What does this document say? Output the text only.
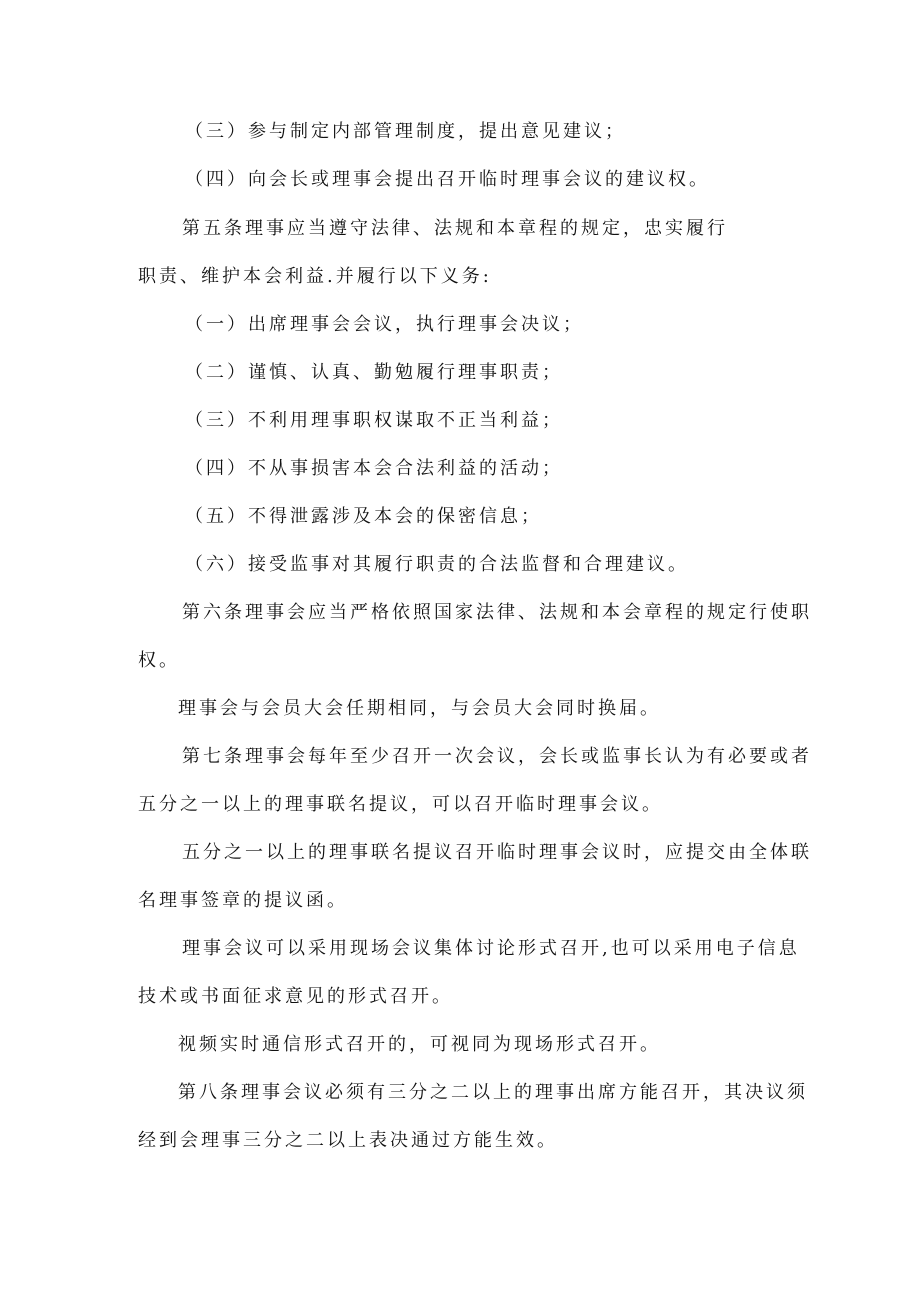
（三）参与制定内部管理制度，提出意见建议；
（四）向会长或理事会提出召开临时理事会议的建议权。
第五条理事应当遵守法律、法规和本章程的规定，忠实履行
职责、维护本会利益.并履行以下义务:
（一）出席理事会会议，执行理事会决议；
（二）谨慎、认真、勤勉履行理事职责；
（三）不利用理事职权谋取不正当利益；
（四）不从事损害本会合法利益的活动；
（五）不得泄露涉及本会的保密信息；
（六）接受监事对其履行职责的合法监督和合理建议。
第六条理事会应当严格依照国家法律、法规和本会章程的规定行使职
权。
理事会与会员大会任期相同，与会员大会同时换届。
第七条理事会每年至少召开一次会议，会长或监事长认为有必要或者
五分之一以上的理事联名提议，可以召开临时理事会议。
五分之一以上的理事联名提议召开临时理事会议时，应提交由全体联
名理事签章的提议函。
理事会议可以采用现场会议集体讨论形式召开,也可以采用电子信息
技术或书面征求意见的形式召开。
视频实时通信形式召开的，可视同为现场形式召开。
第八条理事会议必须有三分之二以上的理事出席方能召开，其决议须
经到会理事三分之二以上表决通过方能生效。
